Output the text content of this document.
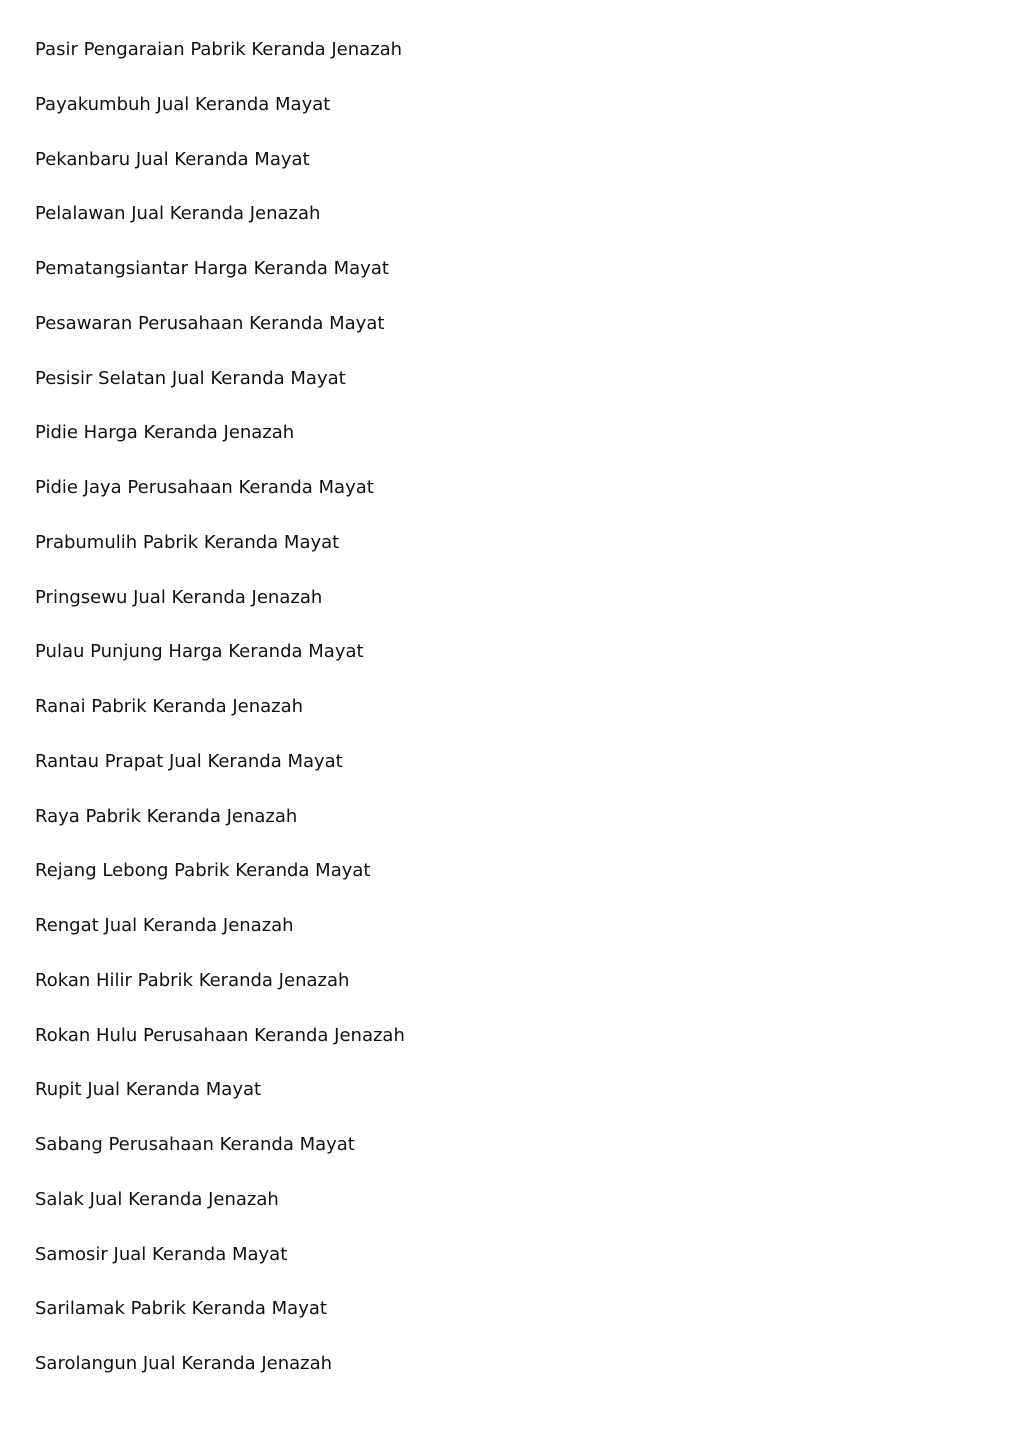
Pasir Pengaraian Pabrik Keranda Jenazah
Payakumbuh Jual Keranda Mayat
Pekanbaru Jual Keranda Mayat
Pelalawan Jual Keranda Jenazah
Pematangsiantar Harga Keranda Mayat
Pesawaran Perusahaan Keranda Mayat
Pesisir Selatan Jual Keranda Mayat
Pidie Harga Keranda Jenazah
Pidie Jaya Perusahaan Keranda Mayat
Prabumulih Pabrik Keranda Mayat
Pringsewu Jual Keranda Jenazah
Pulau Punjung Harga Keranda Mayat
Ranai Pabrik Keranda Jenazah
Rantau Prapat Jual Keranda Mayat
Raya Pabrik Keranda Jenazah
Rejang Lebong Pabrik Keranda Mayat
Rengat Jual Keranda Jenazah
Rokan Hilir Pabrik Keranda Jenazah
Rokan Hulu Perusahaan Keranda Jenazah
Rupit Jual Keranda Mayat
Sabang Perusahaan Keranda Mayat
Salak Jual Keranda Jenazah
Samosir Jual Keranda Mayat
Sarilamak Pabrik Keranda Mayat
Sarolangun Jual Keranda Jenazah
